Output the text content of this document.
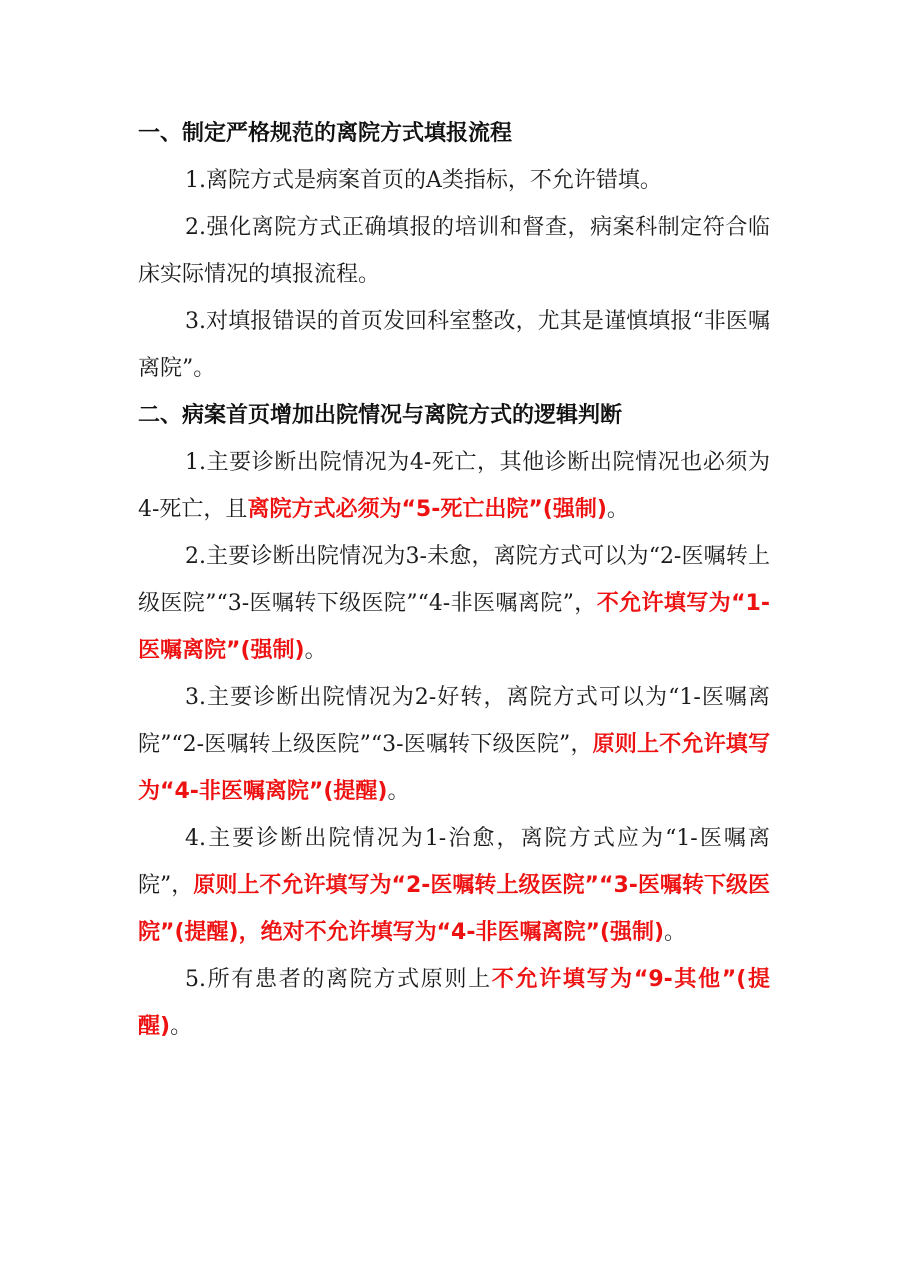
一、制定严格规范的离院方式填报流程

1.离院方式是病案首页的A类指标，不允许错填。

2.强化离院方式正确填报的培训和督查，病案科制定符合临床实际情况的填报流程。

3.对填报错误的首页发回科室整改，尤其是谨慎填报“非医嘱离院”。

二、病案首页增加出院情况与离院方式的逻辑判断

1.主要诊断出院情况为4-死亡，其他诊断出院情况也必须为4-死亡，且离院方式必须为“5-死亡出院”(强制)。

2.主要诊断出院情况为3-未愈，离院方式可以为“2-医嘱转上级医院”“3-医嘱转下级医院”“4-非医嘱离院”，不允许填写为“1-医嘱离院”(强制)。

3.主要诊断出院情况为2-好转，离院方式可以为“1-医嘱离院”“2-医嘱转上级医院”“3-医嘱转下级医院”，原则上不允许填写为“4-非医嘱离院”(提醒)。

4.主要诊断出院情况为1-治愈，离院方式应为“1-医嘱离院”，原则上不允许填写为“2-医嘱转上级医院”“3-医嘱转下级医院”(提醒)，绝对不允许填写为“4-非医嘱离院”(强制)。

5.所有患者的离院方式原则上不允许填写为“9-其他”(提醒)。
